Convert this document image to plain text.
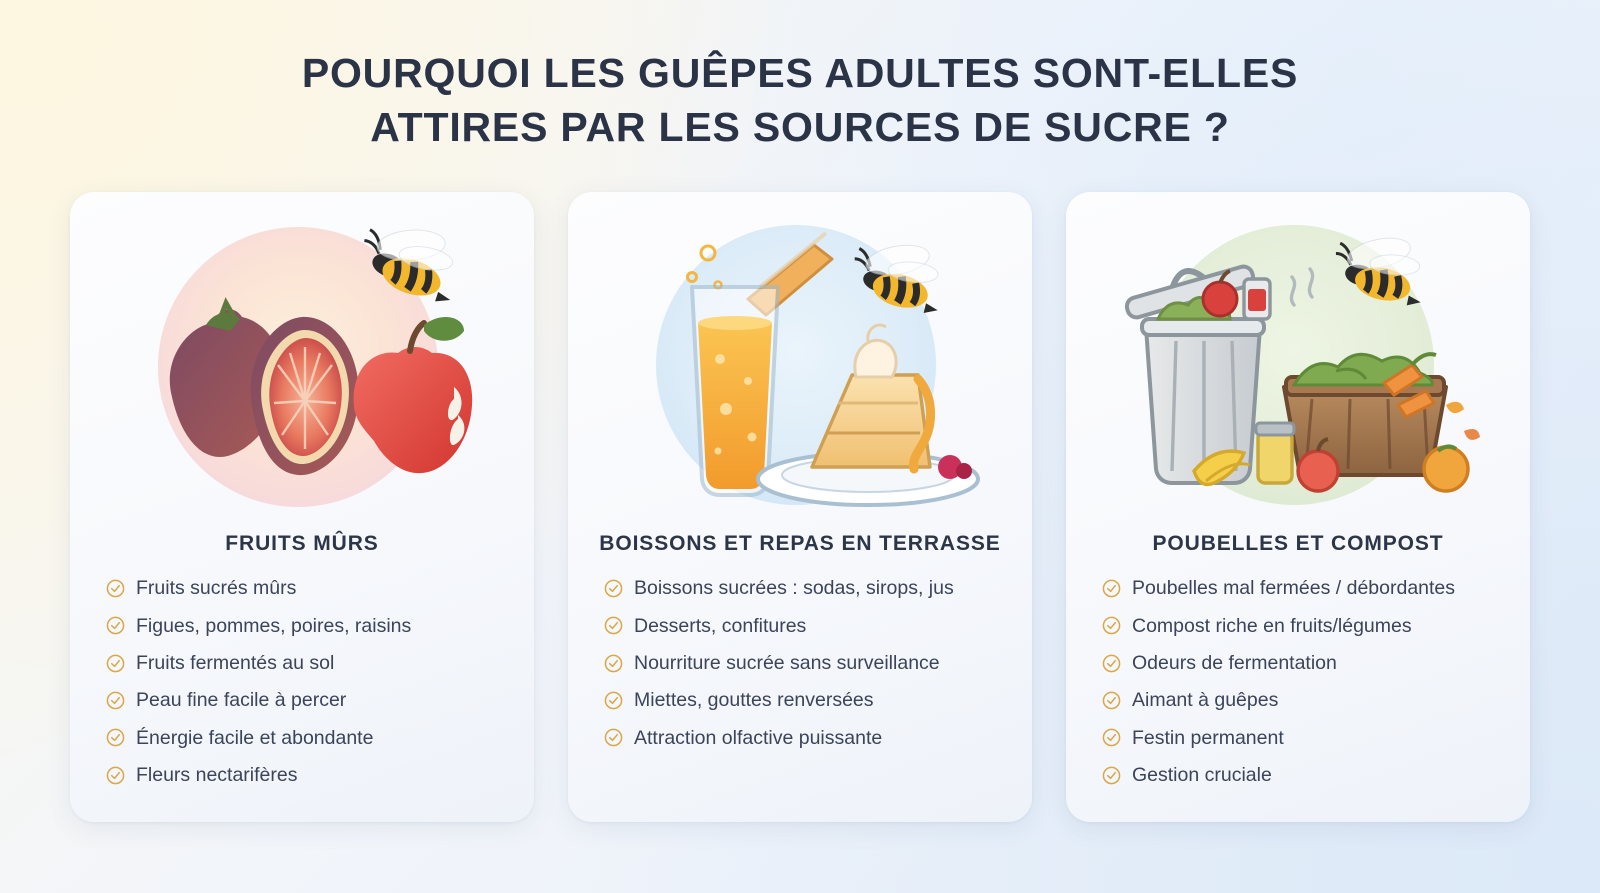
POURQUOI LES GUÊPES ADULTES SONT-ELLES ATTIRES PAR LES SOURCES DE SUCRE ?
FRUITS MÛRS
Fruits sucrés mûrs
Figues, pommes, poires, raisins
Fruits fermentés au sol
Peau fine facile à percer
Énergie facile et abondante
Fleurs nectarifères
BOISSONS ET REPAS EN TERRASSE
Boissons sucrées : sodas, sirops, jus
Desserts, confitures
Nourriture sucrée sans surveillance
Miettes, gouttes renversées
Attraction olfactive puissante
POUBELLES ET COMPOST
Poubelles mal fermées / débordantes
Compost riche en fruits/légumes
Odeurs de fermentation
Aimant à guêpes
Festin permanent
Gestion cruciale
